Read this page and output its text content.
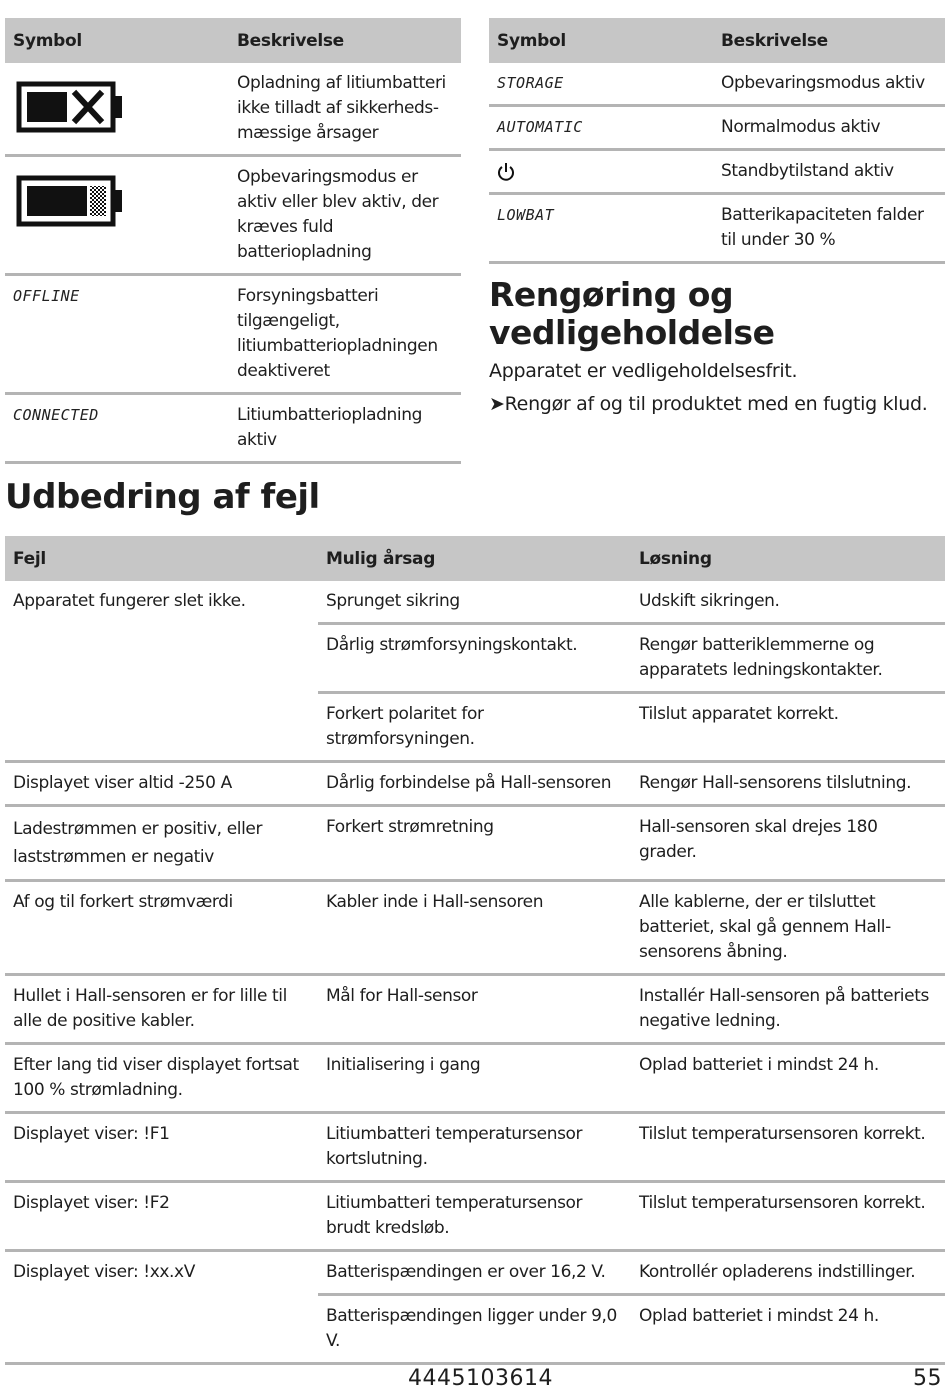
Symbol	Beskrivelse

	Opladning af litiumbatteri ikke tilladt af sikkerheds-mæssige årsager

	Opbevaringsmodus er aktiv eller blev aktiv, der kræves fuld batteriopladning
OFFLINE	Forsyningsbatteri tilgængeligt, litiumbatteriopladningen deaktiveret
CONNECTED	Litiumbatteriopladning aktiv
Symbol	Beskrivelse
STORAGE	Opbevaringsmodus aktiv
AUTOMATIC	Normalmodus aktiv

	Standbytilstand aktiv
LOWBAT	Batterikapaciteten falder til under 30 %
Rengøring og vedligeholdelse
Apparatet er vedligeholdelsesfrit.
➤Rengør af og til produktet med en fugtig klud.
Udbedring af fejl
Fejl	Mulig årsag	Løsning
Apparatet fungerer slet ikke.	Sprunget sikring	Udskift sikringen.
	Dårlig strømforsyningskontakt.	Rengør batteriklemmerne og apparatets ledningskontakter.
	Forkert polaritet for strømforsyningen.	Tilslut apparatet korrekt.
Displayet viser altid -250 A	Dårlig forbindelse på Hall-sensoren	Rengør Hall-sensorens tilslutning.
Ladestrømmen er positiv, eller laststrømmen er negativ	Forkert strømretning	Hall-sensoren skal drejes 180 grader.
Af og til forkert strømværdi	Kabler inde i Hall-sensoren	Alle kablerne, der er tilsluttet batteriet, skal gå gennem Hall-sensorens åbning.
Hullet i Hall-sensoren er for lille til alle de positive kabler.	Mål for Hall-sensor	Installér Hall-sensoren på batteriets negative ledning.
Efter lang tid viser displayet fortsat 100 % strømladning.	Initialisering i gang	Oplad batteriet i mindst 24 h.
Displayet viser: !F1	Litiumbatteri temperatursensor kortslutning.	Tilslut temperatursensoren korrekt.
Displayet viser: !F2	Litiumbatteri temperatursensor brudt kredsløb.	Tilslut temperatursensoren korrekt.
Displayet viser: !xx.xV	Batterispændingen er over 16,2 V.	Kontrollér opladerens indstillinger.
	Batterispændingen ligger under 9,0 V.	Oplad batteriet i mindst 24 h.
4445103614	55
